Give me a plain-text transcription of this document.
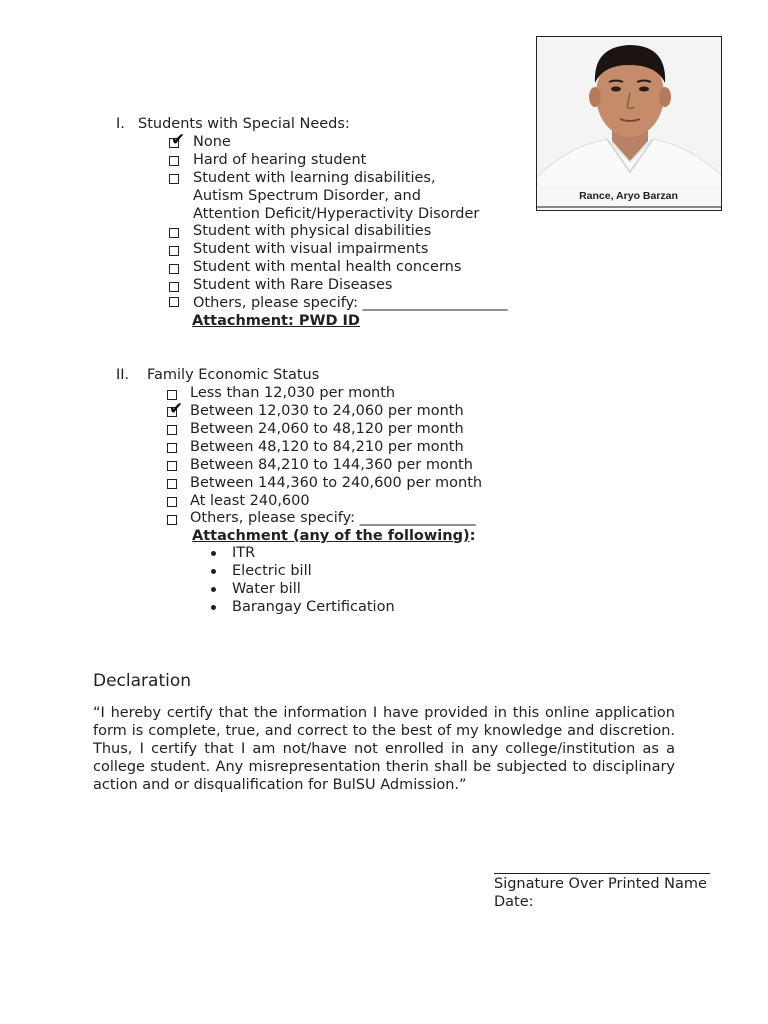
Rance, Aryo Barzan
I. Students with Special Needs:
✔ None
Hard of hearing student
Student with learning disabilities,
Autism Spectrum Disorder, and
Attention Deficit/Hyperactivity Disorder
Student with physical disabilities
Student with visual impairments
Student with mental health concerns
Student with Rare Diseases
Others, please specify: ____________________
Attachment: PWD ID
II. Family Economic Status
Less than 12,030 per month
✔ Between 12,030 to 24,060 per month
Between 24,060 to 48,120 per month
Between 48,120 to 84,210 per month
Between 84,210 to 144,360 per month
Between 144,360 to 240,600 per month
At least 240,600
Others, please specify: ________________
Attachment (any of the following):
ITR
Electric bill
Water bill
Barangay Certification
Declaration
“I hereby certify that the information I have provided in this online application form is complete, true, and correct to the best of my knowledge and discretion. Thus, I certify that I am not/have not enrolled in any college/institution as a college student. Any misrepresentation therin shall be subjected to disciplinary action and or disqualification for BulSU Admission.”
Signature Over Printed Name
Date:
